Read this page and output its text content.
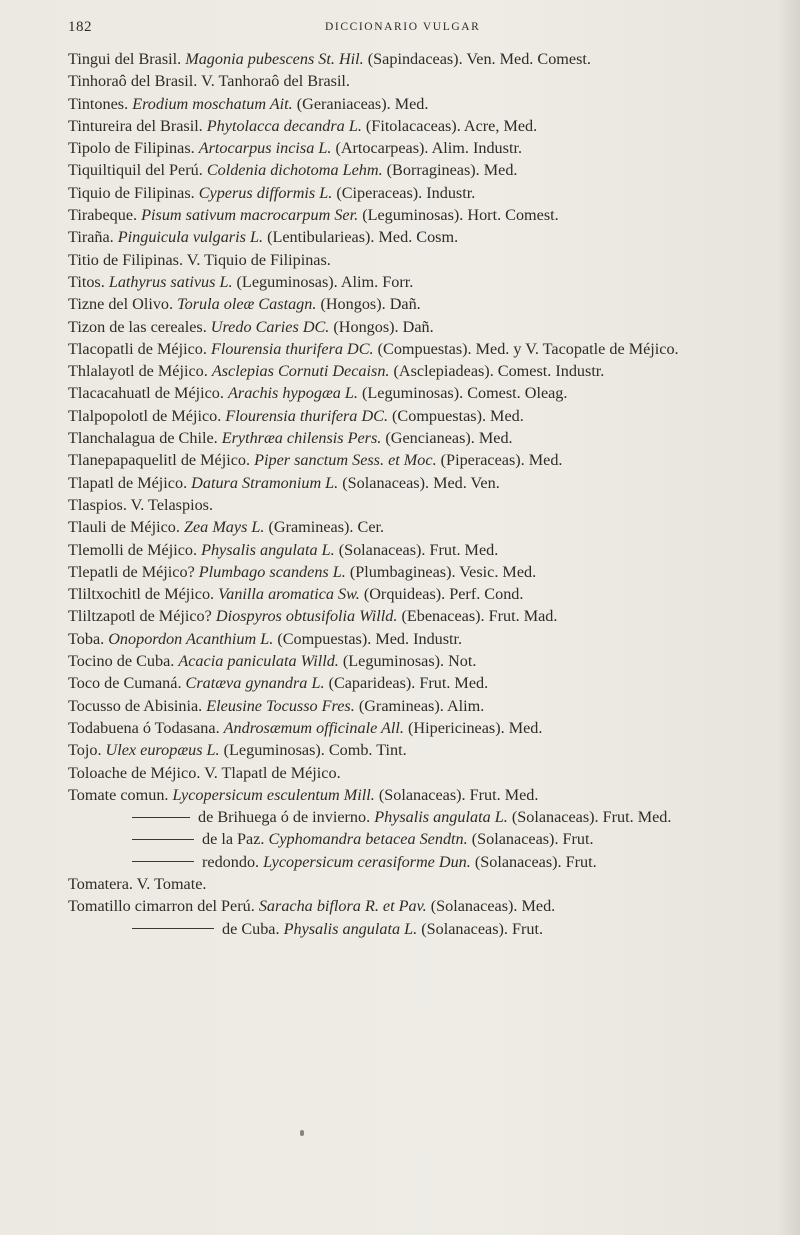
182	DICCIONARIO VULGAR

Tingui del Brasil. Magonia pubescens St. Hil. (Sapindaceas). Ven. Med. Comest.

Tinhoraô del Brasil. V. Tanhoraô del Brasil.

Tintones. Erodium moschatum Ait. (Geraniaceas). Med.

Tintureira del Brasil. Phytolacca decandra L. (Fitolacaceas). Acre, Med.

Tipolo de Filipinas. Artocarpus incisa L. (Artocarpeas). Alim. Industr.

Tiquiltiquil del Perú. Coldenia dichotoma Lehm. (Borragineas). Med.

Tiquio de Filipinas. Cyperus difformis L. (Ciperaceas). Industr.

Tirabeque. Pisum sativum macrocarpum Ser. (Leguminosas). Hort. Comest.

Tiraña. Pinguicula vulgaris L. (Lentibularieas). Med. Cosm.

Titio de Filipinas. V. Tiquio de Filipinas.

Titos. Lathyrus sativus L. (Leguminosas). Alim. Forr.

Tizne del Olivo. Torula oleæ Castagn. (Hongos). Dañ.

Tizon de las cereales. Uredo Caries DC. (Hongos). Dañ.

Tlacopatli de Méjico. Flourensia thurifera DC. (Compuestas). Med. y V. Tacopatle de Méjico.

Thlalayotl de Méjico. Asclepias Cornuti Decaisn. (Asclepiadeas). Comest. Industr.

Tlacacahuatl de Méjico. Arachis hypogæa L. (Leguminosas). Comest. Oleag.

Tlalpopolotl de Méjico. Flourensia thurifera DC. (Compuestas). Med.

Tlanchalagua de Chile. Erythræa chilensis Pers. (Gencianeas). Med.

Tlanepapaquelitl de Méjico. Piper sanctum Sess. et Moc. (Piperaceas). Med.

Tlapatl de Méjico. Datura Stramonium L. (Solanaceas). Med. Ven.

Tlaspios. V. Telaspios.

Tlauli de Méjico. Zea Mays L. (Gramineas). Cer.

Tlemolli de Méjico. Physalis angulata L. (Solanaceas). Frut. Med.

Tlepatli de Méjico? Plumbago scandens L. (Plumbagineas). Vesic. Med.

Tliltxochitl de Méjico. Vanilla aromatica Sw. (Orquideas). Perf. Cond.

Tliltzapotl de Méjico? Diospyros obtusifolia Willd. (Ebenaceas). Frut. Mad.

Toba. Onopordon Acanthium L. (Compuestas). Med. Industr.

Tocino de Cuba. Acacia paniculata Willd. (Leguminosas). Not.

Toco de Cumaná. Cratæva gynandra L. (Caparideas). Frut. Med.

Tocusso de Abisinia. Eleusine Tocusso Fres. (Gramineas). Alim.

Todabuena ó Todasana. Androsæmum officinale All. (Hipericineas). Med.

Tojo. Ulex europæus L. (Leguminosas). Comb. Tint.

Toloache de Méjico. V. Tlapatl de Méjico.

Tomate comun. Lycopersicum esculentum Mill. (Solanaceas). Frut. Med.

de Brihuega ó de invierno. Physalis angulata L. (Solanaceas). Frut. Med.

de la Paz. Cyphomandra betacea Sendtn. (Solanaceas). Frut.

redondo. Lycopersicum cerasiforme Dun. (Solanaceas). Frut.

Tomatera. V. Tomate.

Tomatillo cimarron del Perú. Saracha biflora R. et Pav. (Solanaceas). Med.

de Cuba. Physalis angulata L. (Solanaceas). Frut.
